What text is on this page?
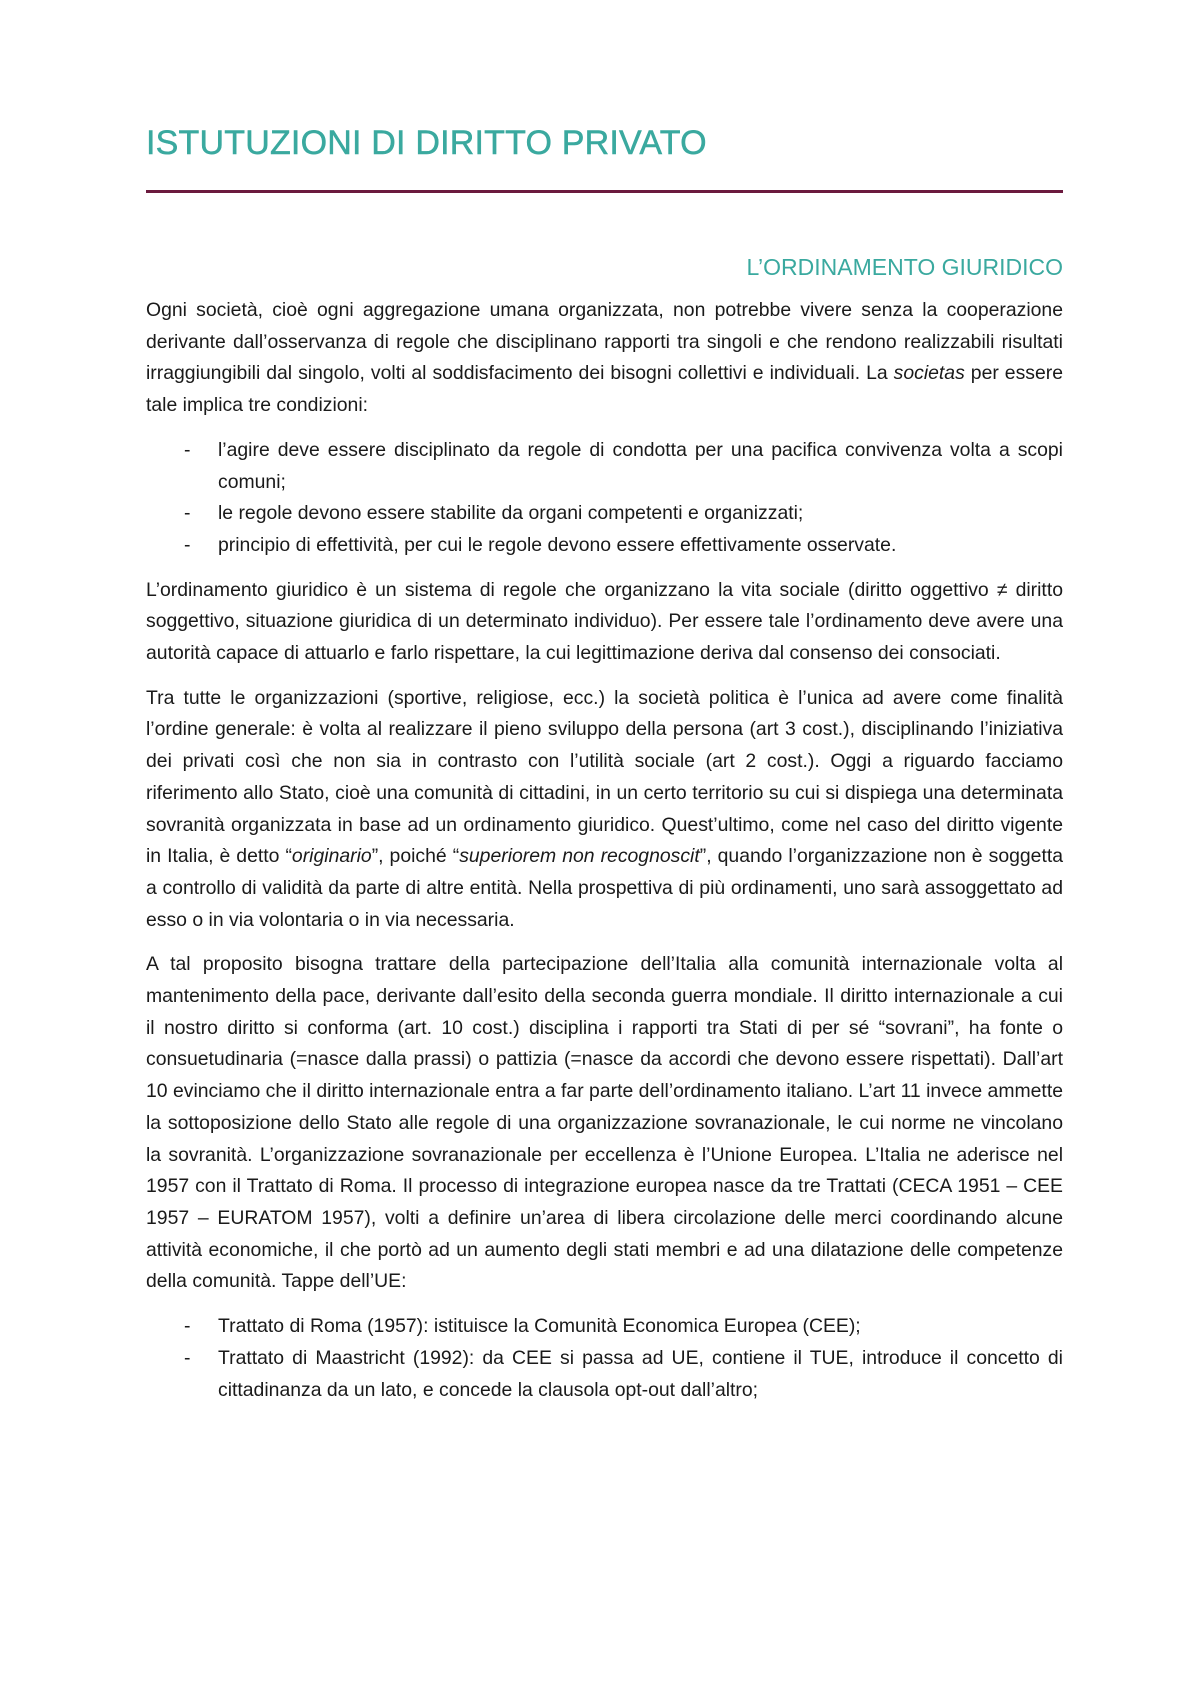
ISTUTUZIONI DI DIRITTO PRIVATO
L’ORDINAMENTO GIURIDICO

Ogni società, cioè ogni aggregazione umana organizzata, non potrebbe vivere senza la cooperazione derivante dall’osservanza di regole che disciplinano rapporti tra singoli e che rendono realizzabili risultati irraggiungibili dal singolo, volti al soddisfacimento dei bisogni collettivi e individuali. La societas per essere tale implica tre condizioni:

- l’agire deve essere disciplinato da regole di condotta per una pacifica convivenza volta a scopi comuni;
- le regole devono essere stabilite da organi competenti e organizzati;
- principio di effettività, per cui le regole devono essere effettivamente osservate.

L’ordinamento giuridico è un sistema di regole che organizzano la vita sociale (diritto oggettivo ≠ diritto soggettivo, situazione giuridica di un determinato individuo). Per essere tale l’ordinamento deve avere una autorità capace di attuarlo e farlo rispettare, la cui legittimazione deriva dal consenso dei consociati.

Tra tutte le organizzazioni (sportive, religiose, ecc.) la società politica è l’unica ad avere come finalità l’ordine generale: è volta al realizzare il pieno sviluppo della persona (art 3 cost.), disciplinando l’iniziativa dei privati così che non sia in contrasto con l’utilità sociale (art 2 cost.). Oggi a riguardo facciamo riferimento allo Stato, cioè una comunità di cittadini, in un certo territorio su cui si dispiega una determinata sovranità organizzata in base ad un ordinamento giuridico. Quest’ultimo, come nel caso del diritto vigente in Italia, è detto “originario”, poiché “superiorem non recognoscit”, quando l’organizzazione non è soggetta a controllo di validità da parte di altre entità. Nella prospettiva di più ordinamenti, uno sarà assoggettato ad esso o in via volontaria o in via necessaria.

A tal proposito bisogna trattare della partecipazione dell’Italia alla comunità internazionale volta al mantenimento della pace, derivante dall’esito della seconda guerra mondiale. Il diritto internazionale a cui il nostro diritto si conforma (art. 10 cost.) disciplina i rapporti tra Stati di per sé “sovrani”, ha fonte o consuetudinaria (=nasce dalla prassi) o pattizia (=nasce da accordi che devono essere rispettati). Dall’art 10 evinciamo che il diritto internazionale entra a far parte dell’ordinamento italiano. L’art 11 invece ammette la sottoposizione dello Stato alle regole di una organizzazione sovranazionale, le cui norme ne vincolano la sovranità. L’organizzazione sovranazionale per eccellenza è l’Unione Europea. L’Italia ne aderisce nel 1957 con il Trattato di Roma. Il processo di integrazione europea nasce da tre Trattati (CECA 1951 – CEE 1957 – EURATOM 1957), volti a definire un’area di libera circolazione delle merci coordinando alcune attività economiche, il che portò ad un aumento degli stati membri e ad una dilatazione delle competenze della comunità. Tappe dell’UE:

- Trattato di Roma (1957): istituisce la Comunità Economica Europea (CEE);
- Trattato di Maastricht (1992): da CEE si passa ad UE, contiene il TUE, introduce il concetto di cittadinanza da un lato, e concede la clausola opt-out dall’altro;
